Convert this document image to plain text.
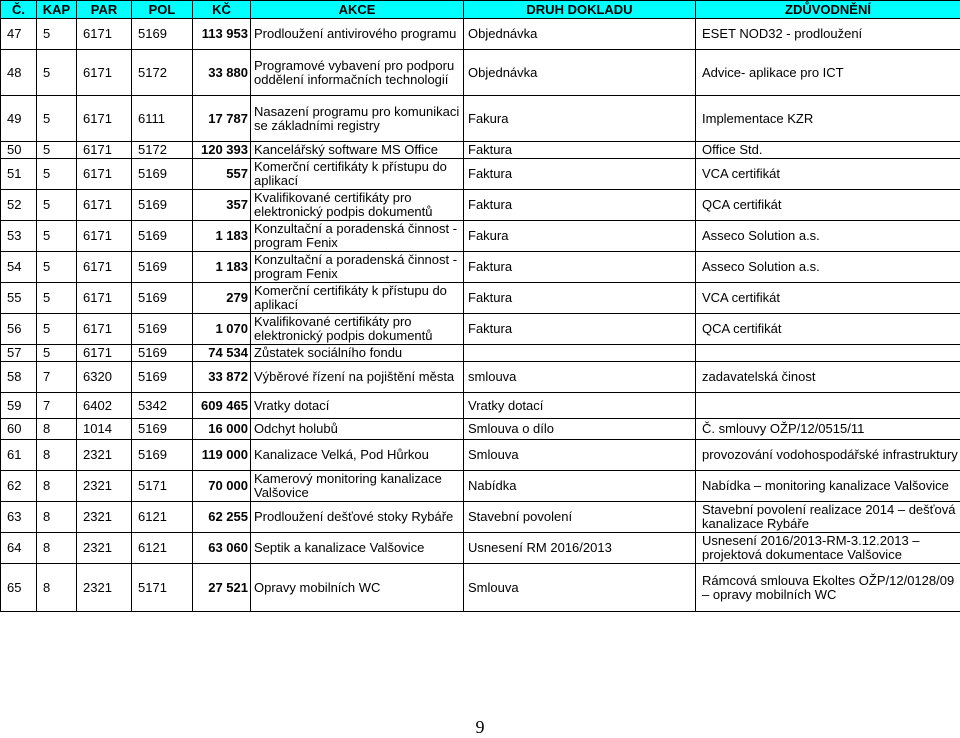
Č.	KAP	PAR	POL	KČ	AKCE	DRUH DOKLADU	ZDŮVODNĚNÍ
47	5	6171	5169	113 953	Prodloužení antivirového programu	Objednávka	ESET NOD32 - prodloužení
48	5	6171	5172	33 880	Programové vybavení pro podporu oddělení informačních technologií	Objednávka	Advice- aplikace pro ICT
49	5	6171	6111	17 787	Nasazení programu pro komunikaci se základními registry	Fakura	Implementace KZR
50	5	6171	5172	120 393	Kancelářský software MS Office	Faktura	Office Std.
51	5	6171	5169	557	Komerční certifikáty k přístupu do aplikací	Faktura	VCA certifikát
52	5	6171	5169	357	Kvalifikované certifikáty pro elektronický podpis dokumentů	Faktura	QCA certifikát
53	5	6171	5169	1 183	Konzultační a poradenská činnost - program Fenix	Fakura	Asseco Solution a.s.
54	5	6171	5169	1 183	Konzultační a poradenská činnost - program Fenix	Faktura	Asseco Solution a.s.
55	5	6171	5169	279	Komerční certifikáty k přístupu do aplikací	Faktura	VCA certifikát
56	5	6171	5169	1 070	Kvalifikované certifikáty pro elektronický podpis dokumentů	Faktura	QCA certifikát
57	5	6171	5169	74 534	Zůstatek sociálního fondu		
58	7	6320	5169	33 872	Výběrové řízení na pojištění města	smlouva	zadavatelská činost
59	7	6402	5342	609 465	Vratky dotací	Vratky dotací	
60	8	1014	5169	16 000	Odchyt holubů	Smlouva o dílo	Č. smlouvy OŽP/12/0515/11
61	8	2321	5169	119 000	Kanalizace Velká, Pod Hůrkou	Smlouva	provozování vodohospodářské infrastruktury
62	8	2321	5171	70 000	Kamerový monitoring kanalizace Valšovice	Nabídka	Nabídka – monitoring kanalizace Valšovice
63	8	2321	6121	62 255	Prodloužení dešťové stoky Rybáře	Stavební povolení	Stavební povolení realizace 2014 – dešťová kanalizace Rybáře
64	8	2321	6121	63 060	Septik a kanalizace Valšovice	Usnesení RM 2016/2013	Usnesení 2016/2013-RM-3.12.2013 – projektová dokumentace Valšovice
65	8	2321	5171	27 521	Opravy mobilních WC	Smlouva	Rámcová smlouva Ekoltes OŽP/12/0128/09 – opravy mobilních WC
9
